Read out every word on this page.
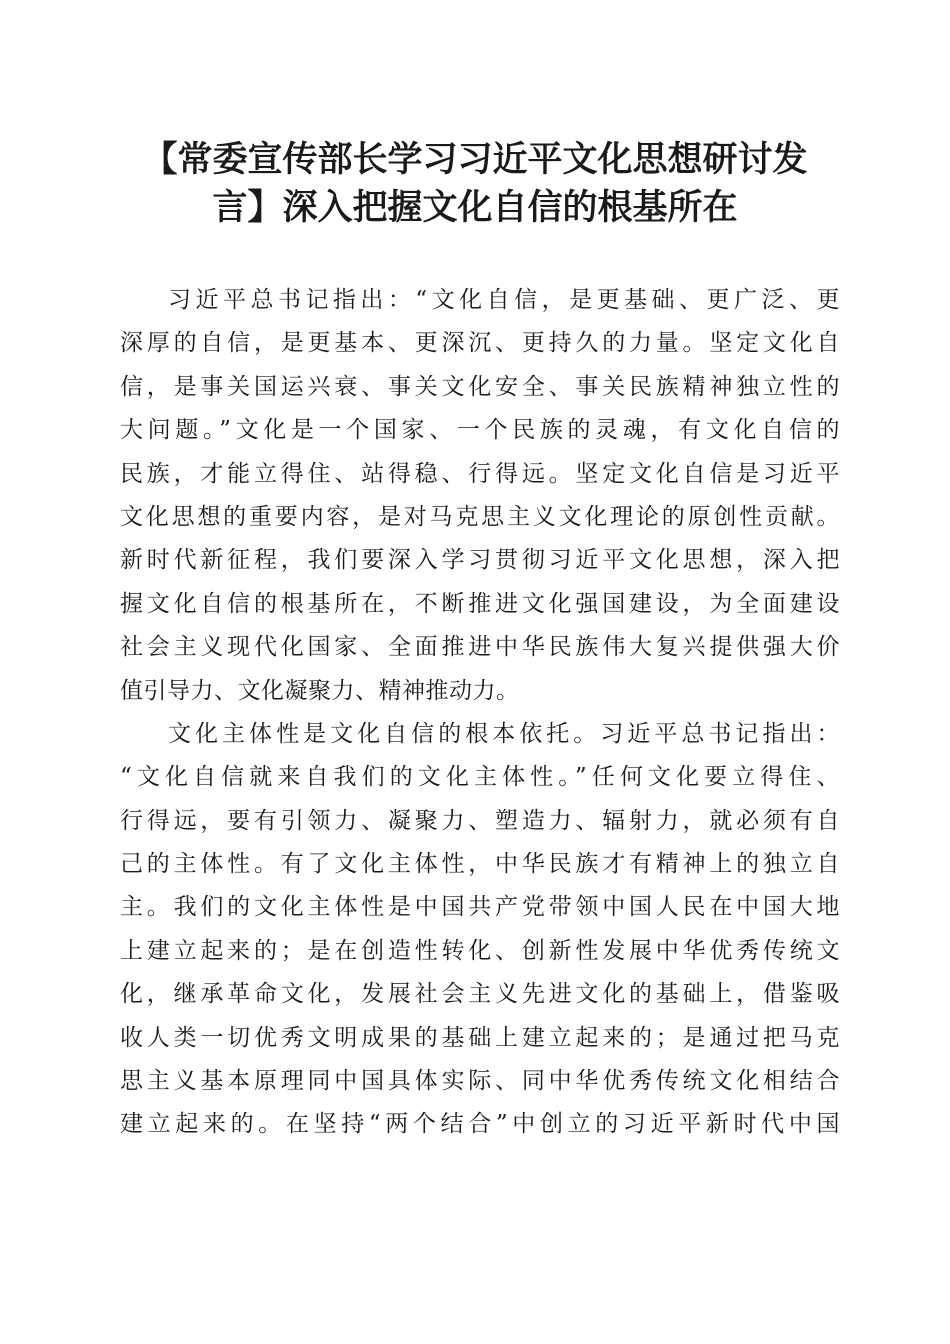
【常委宣传部长学习习近平文化思想研讨发
言】深入把握文化自信的根基所在
习近平总书记指出：“文化自信，是更基础、更广泛、更
深厚的自信，是更基本、更深沉、更持久的力量。坚定文化自
信，是事关国运兴衰、事关文化安全、事关民族精神独立性的
大问题。”文化是一个国家、一个民族的灵魂，有文化自信的
民族，才能立得住、站得稳、行得远。坚定文化自信是习近平
文化思想的重要内容，是对马克思主义文化理论的原创性贡献。
新时代新征程，我们要深入学习贯彻习近平文化思想，深入把
握文化自信的根基所在，不断推进文化强国建设，为全面建设
社会主义现代化国家、全面推进中华民族伟大复兴提供强大价
值引导力、文化凝聚力、精神推动力。
文化主体性是文化自信的根本依托。习近平总书记指出：
“文化自信就来自我们的文化主体性。”任何文化要立得住、
行得远，要有引领力、凝聚力、塑造力、辐射力，就必须有自
己的主体性。有了文化主体性，中华民族才有精神上的独立自
主。我们的文化主体性是中国共产党带领中国人民在中国大地
上建立起来的；是在创造性转化、创新性发展中华优秀传统文
化，继承革命文化，发展社会主义先进文化的基础上，借鉴吸
收人类一切优秀文明成果的基础上建立起来的；是通过把马克
思主义基本原理同中国具体实际、同中华优秀传统文化相结合
建立起来的。在坚持“两个结合”中创立的习近平新时代中国
